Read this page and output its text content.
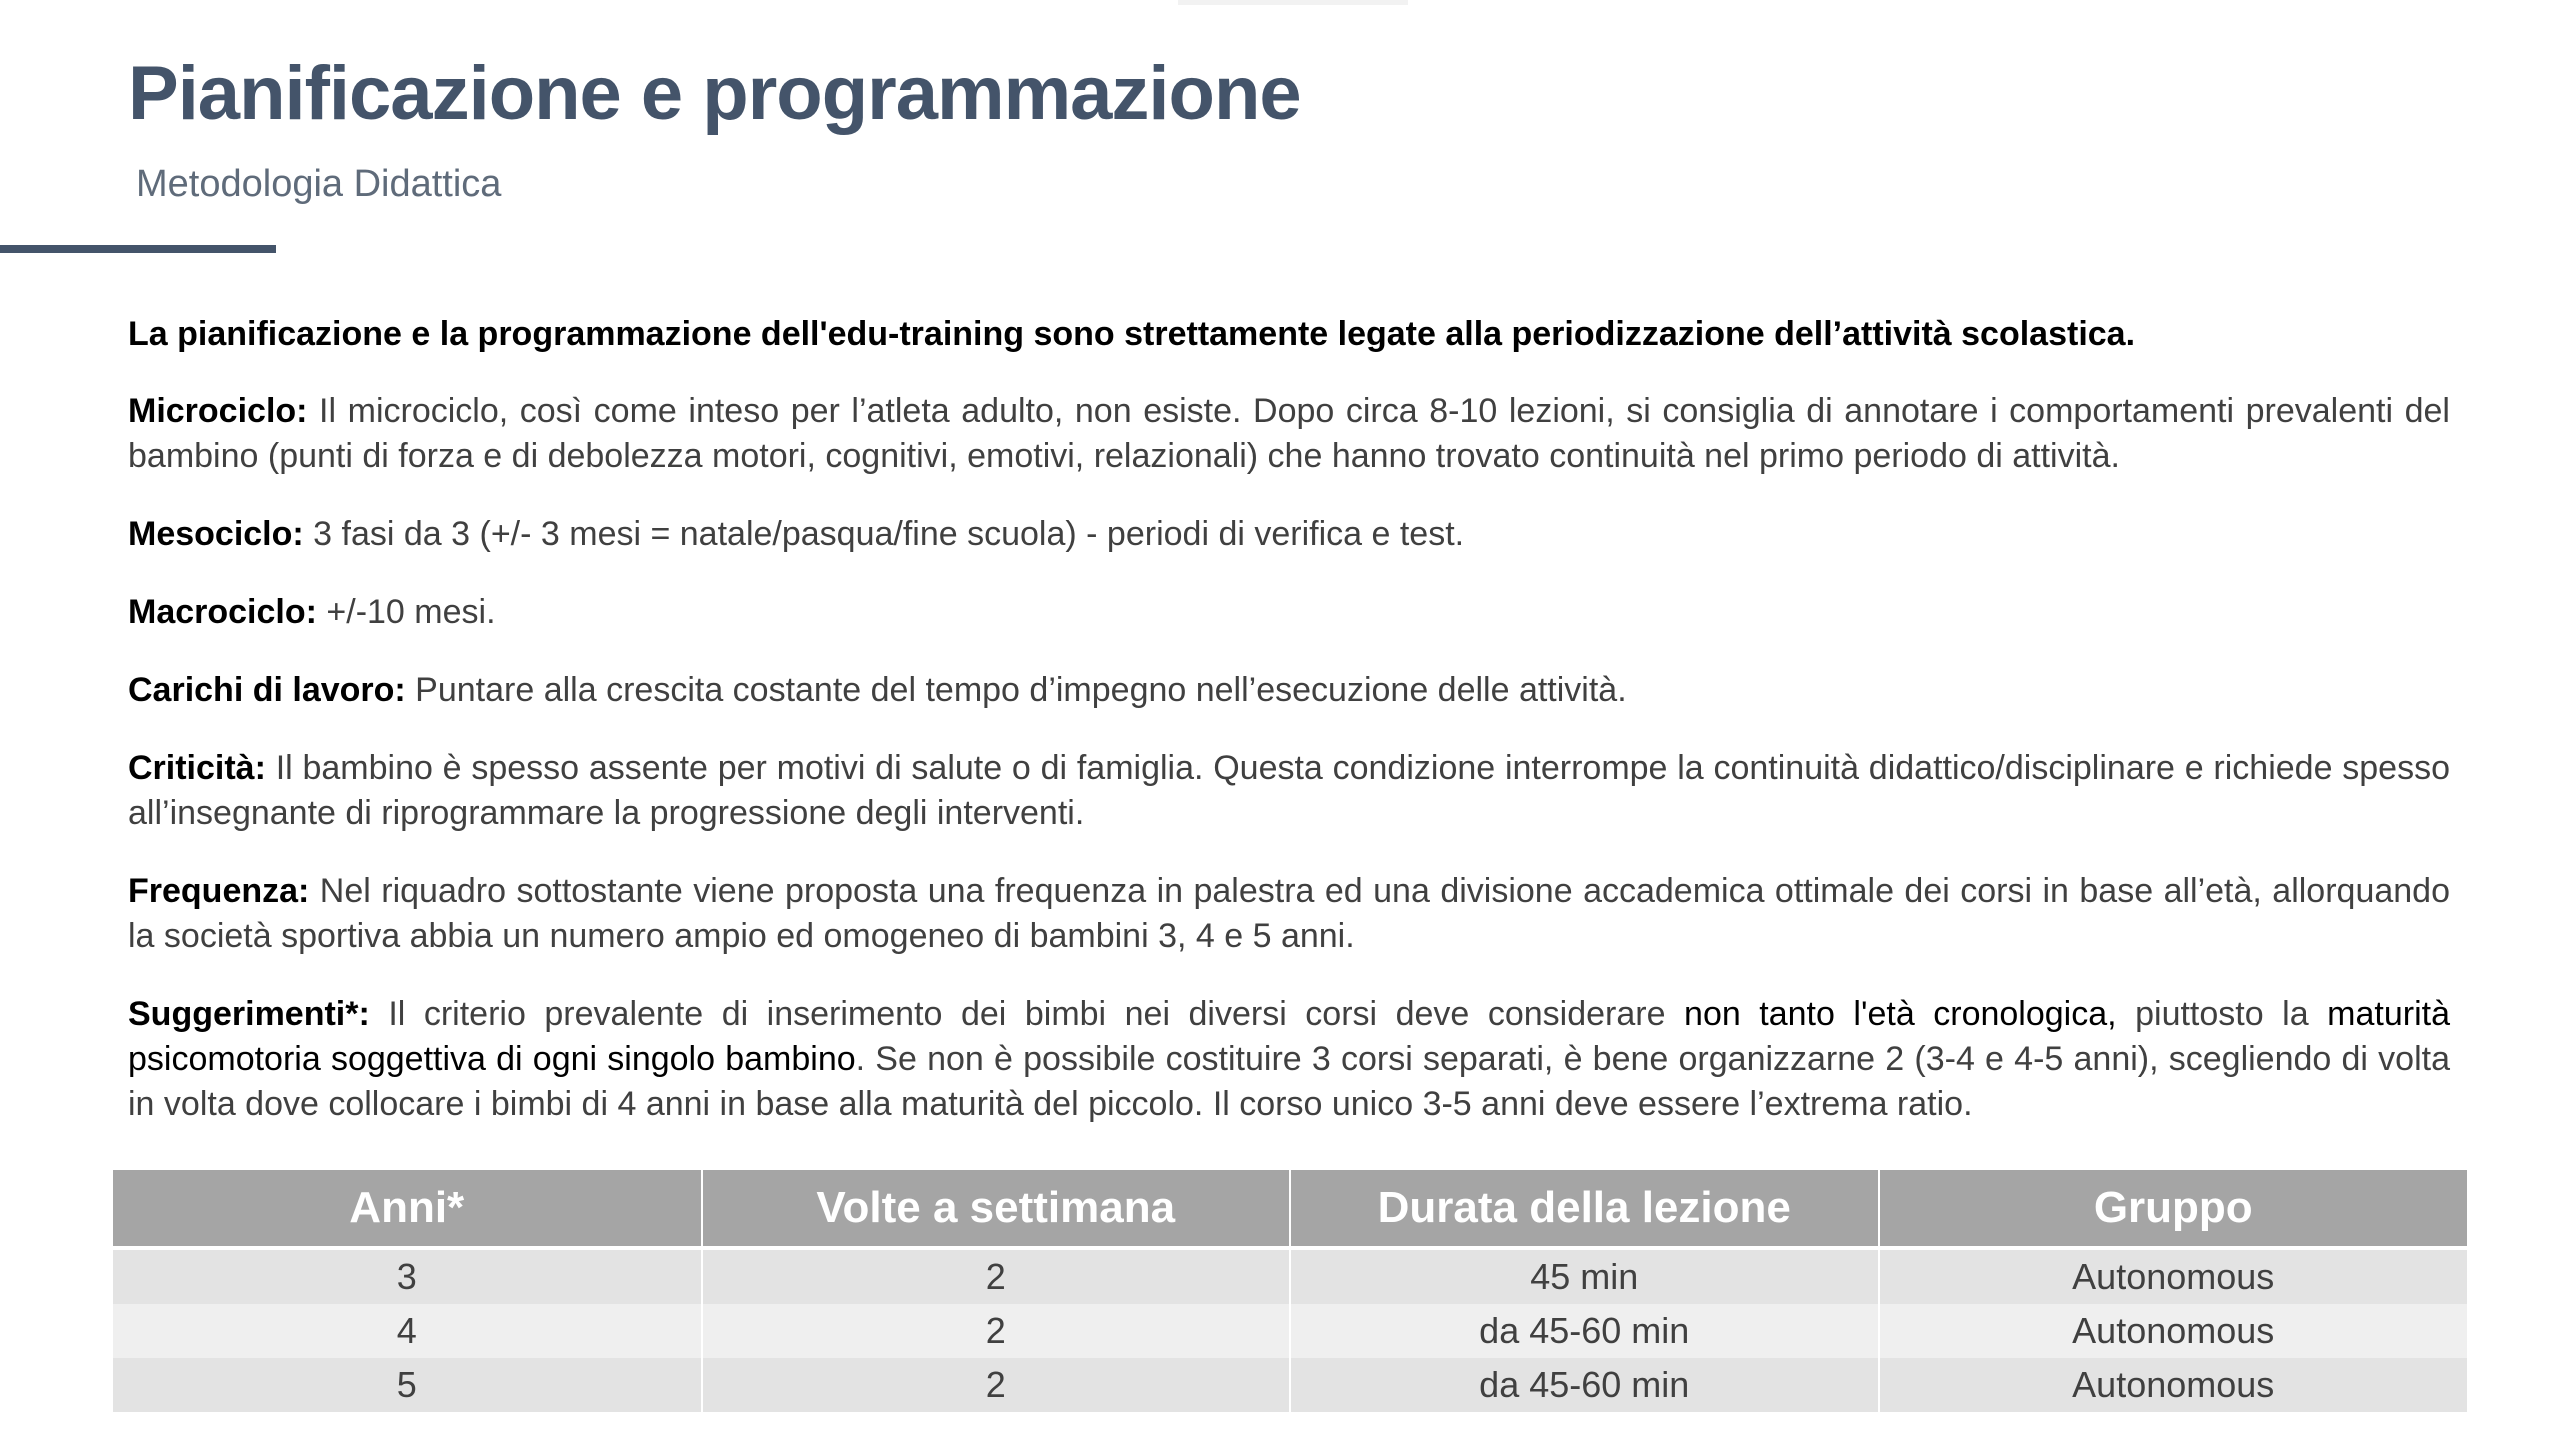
Pianificazione e programmazione
Metodologia Didattica

La pianificazione e la programmazione dell'edu-training sono strettamente legate alla periodizzazione dell’attività scolastica.

Microciclo: Il microciclo, così come inteso per l’atleta adulto, non esiste. Dopo circa 8-10 lezioni, si consiglia di annotare i comportamenti prevalenti del bambino (punti di forza e di debolezza motori, cognitivi, emotivi, relazionali) che hanno trovato continuità nel primo periodo di attività.

Mesociclo: 3 fasi da 3 (+/- 3 mesi = natale/pasqua/fine scuola) - periodi di verifica e test.

Macrociclo: +/-10 mesi.

Carichi di lavoro: Puntare alla crescita costante del tempo d’impegno nell’esecuzione delle attività.

Criticità: Il bambino è spesso assente per motivi di salute o di famiglia. Questa condizione interrompe la continuità didattico/disciplinare e richiede spesso all’insegnante di riprogrammare la progressione degli interventi.

Frequenza: Nel riquadro sottostante viene proposta una frequenza in palestra ed una divisione accademica ottimale dei corsi in base all’età, allorquando la società sportiva abbia un numero ampio ed omogeneo di bambini 3, 4 e 5 anni.

Suggerimenti*: Il criterio prevalente di inserimento dei bimbi nei diversi corsi deve considerare non tanto l'età cronologica, piuttosto la maturità psicomotoria soggettiva di ogni singolo bambino. Se non è possibile costituire 3 corsi separati, è bene organizzarne 2 (3-4 e 4-5 anni), scegliendo di volta in volta dove collocare i bimbi di 4 anni in base alla maturità del piccolo. Il corso unico 3-5 anni deve essere l’extrema ratio.

Anni*	Volte a settimana	Durata della lezione	Gruppo
3	2	45 min	Autonomous
4	2	da 45-60 min	Autonomous
5	2	da 45-60 min	Autonomous
